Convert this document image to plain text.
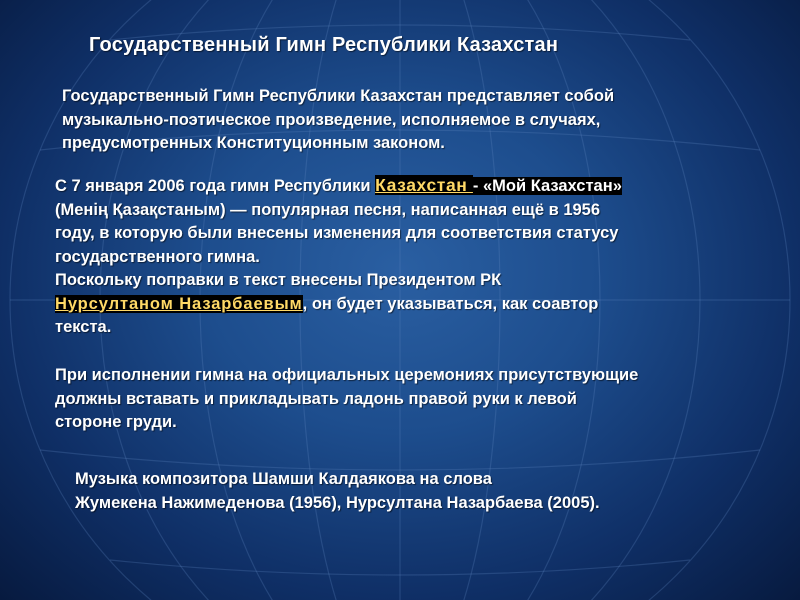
Государственный Гимн Республики Казахстан
Государственный Гимн Республики Казахстан представляет собой
музыкально-поэтическое произведение, исполняемое в случаях,
предусмотренных Конституционным законом.
С 7 января 2006 года гимн Республики Казахстан - «Мой Казахстан»
(Менің Қазақстаным) — популярная песня, написанная ещё в 1956
году, в которую были внесены изменения для соответствия статусу
государственного гимна.
Поскольку поправки в текст внесены Президентом РК
Нурсултаном Назарбаевым, он будет указываться, как соавтор
текста.
При исполнении гимна на официальных церемониях присутствующие
должны вставать и прикладывать ладонь правой руки к левой
стороне груди.
Музыка композитора Шамши Калдаякова на слова
Жумекена Нажимеденова (1956), Нурсултана Назарбаева (2005).
